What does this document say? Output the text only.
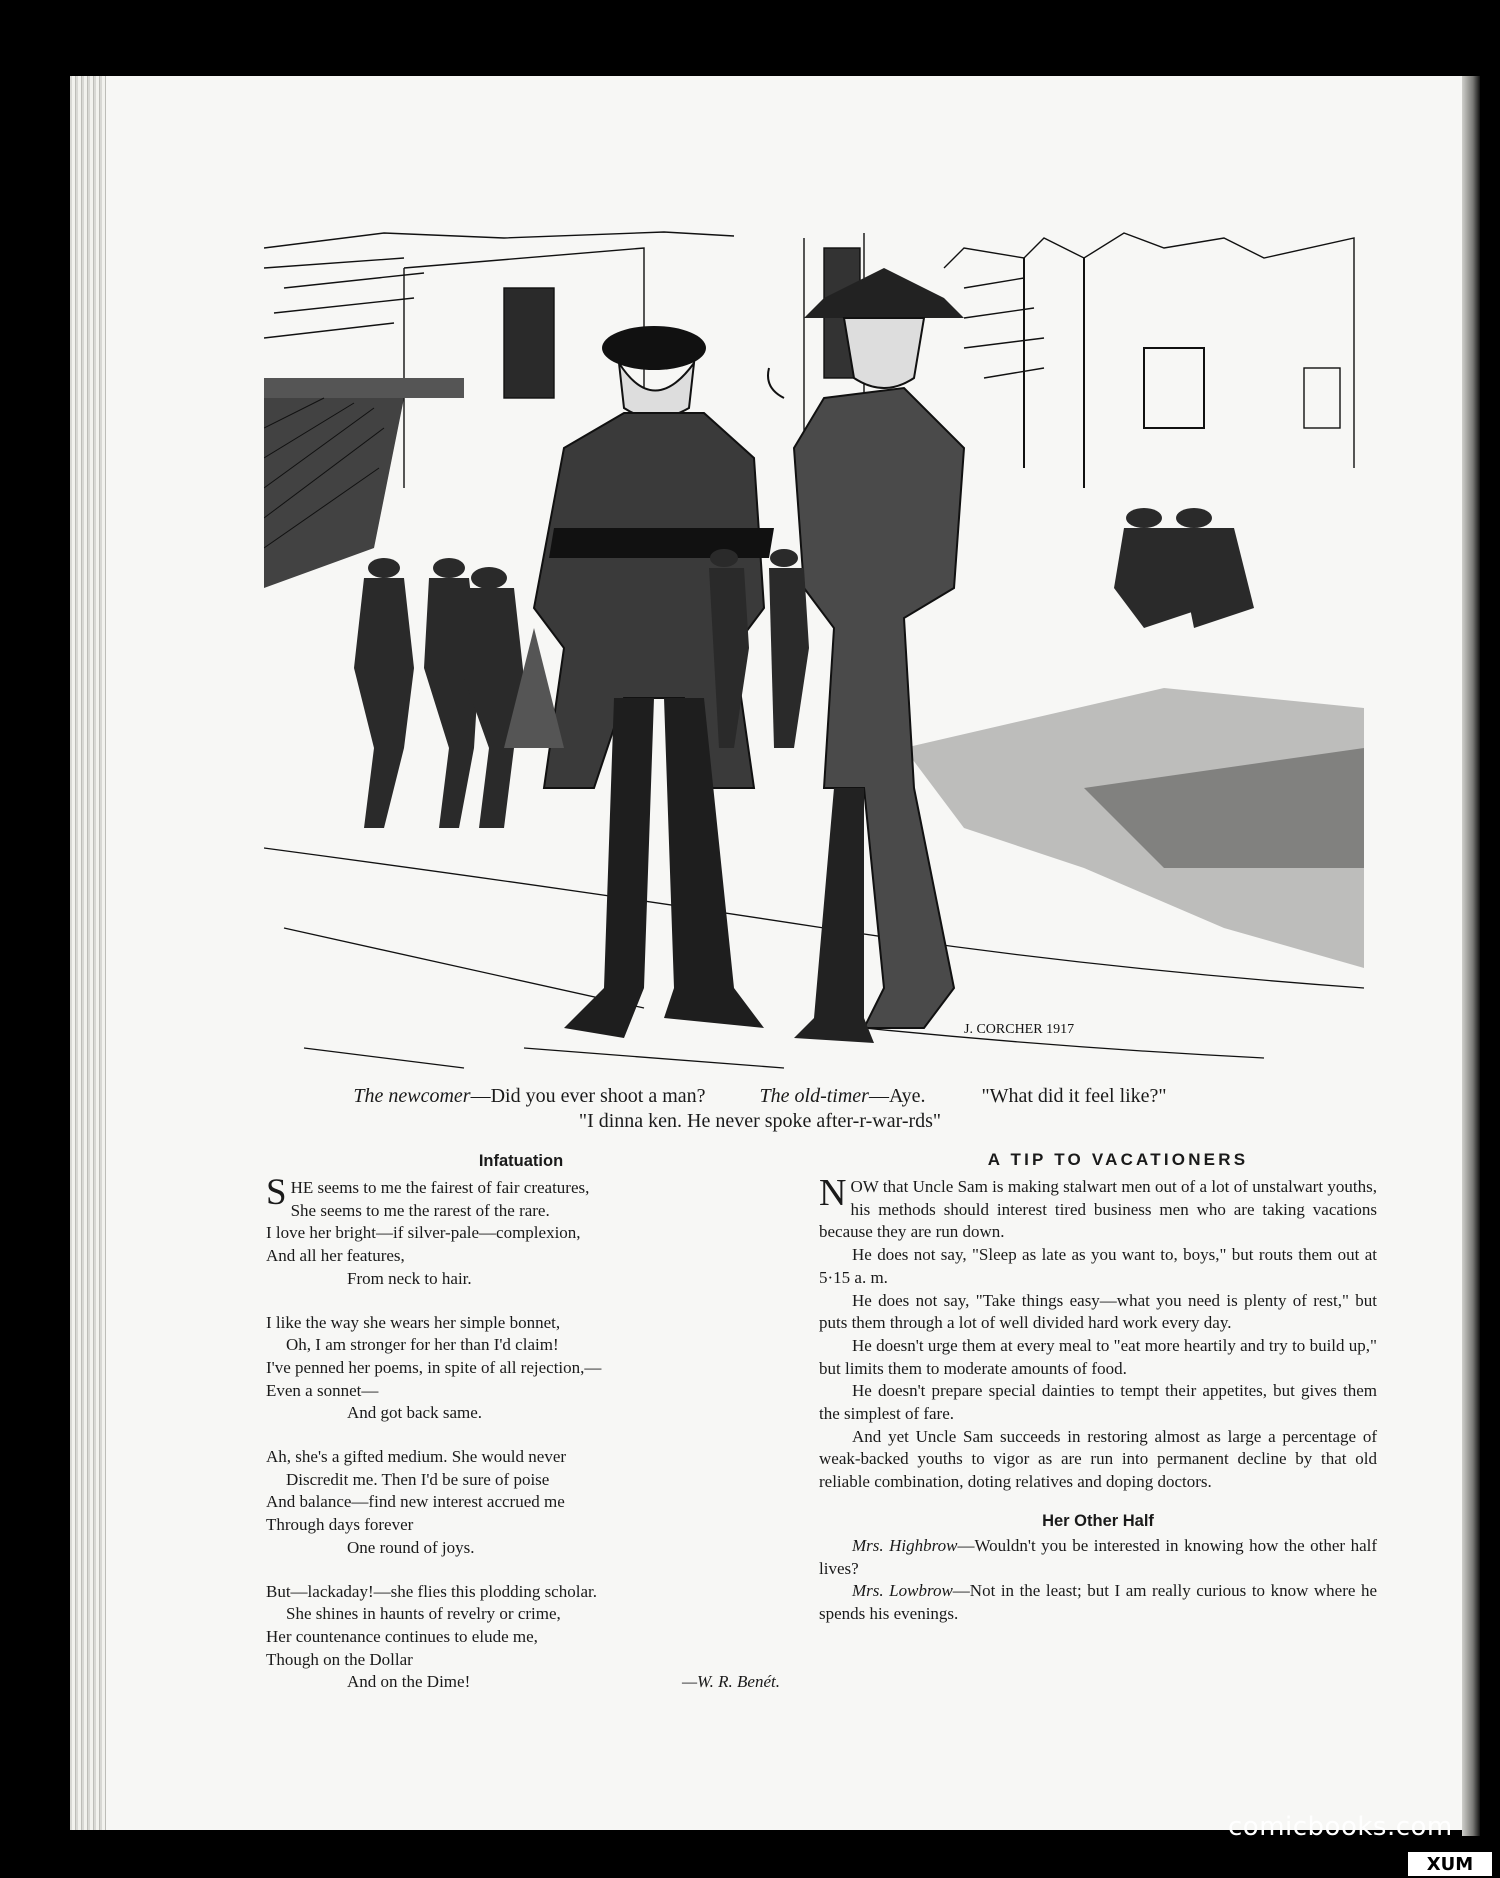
J. CORCHER 1917
The newcomer—Did you ever shoot a man?	The old-timer—Aye.	"What did it feel like?"
"I dinna ken. He never spoke after-r-war-rds"
Infatuation
SHE seems to me the fairest of fair creatures,
She seems to me the rarest of the rare.
I love her bright—if silver-pale—complexion,
And all her features,
From neck to hair.
I like the way she wears her simple bonnet,
Oh, I am stronger for her than I'd claim!
I've penned her poems, in spite of all rejection,—
Even a sonnet—
And got back same.
Ah, she's a gifted medium. She would never
Discredit me. Then I'd be sure of poise
And balance—find new interest accrued me
Through days forever
One round of joys.
But—lackaday!—she flies this plodding scholar.
She shines in haunts of revelry or crime,
Her countenance continues to elude me,
Though on the Dollar
And on the Dime!	—W. R. Benét.
A TIP TO VACATIONERS

NOW that Uncle Sam is making stalwart men out of a lot of unstalwart youths, his methods should interest tired business men who are taking vacations because they are run down.

He does not say, "Sleep as late as you want to, boys," but routs them out at 5·15 a. m.

He does not say, "Take things easy—what you need is plenty of rest," but puts them through a lot of well divided hard work every day.

He doesn't urge them at every meal to "eat more heartily and try to build up," but limits them to moderate amounts of food.

He doesn't prepare special dainties to tempt their appetites, but gives them the simplest of fare.

And yet Uncle Sam succeeds in restoring almost as large a percentage of weak-backed youths to vigor as are run into permanent decline by that old reliable combination, doting relatives and doping doctors.

Her Other Half

Mrs. Highbrow—Wouldn't you be interested in knowing how the other half lives?

Mrs. Lowbrow—Not in the least; but I am really curious to know where he spends his evenings.

comicbooks.com
XUM
